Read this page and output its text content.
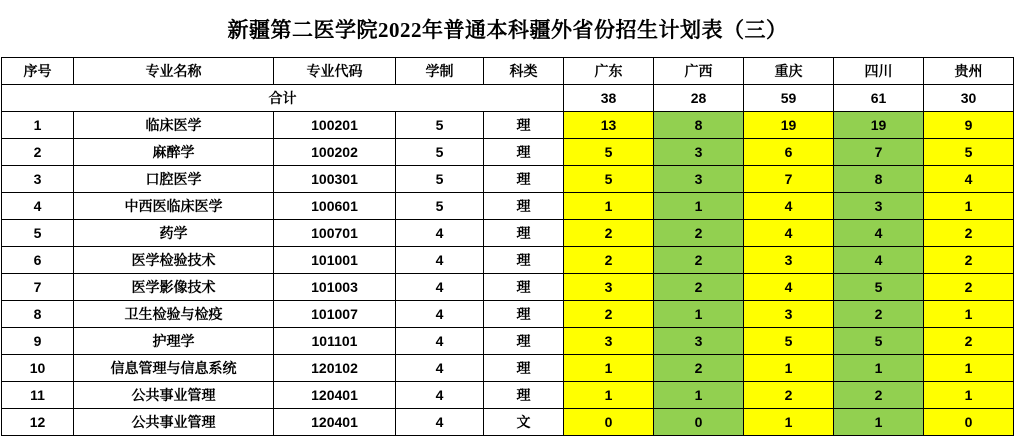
新疆第二医学院2022年普通本科疆外省份招生计划表（三）
序号	专业名称	专业代码	学制	科类	广东	广西	重庆	四川	贵州
合计					38	28	59	61	30
1	临床医学	100201	5	理	13	8	19	19	9
2	麻醉学	100202	5	理	5	3	6	7	5
3	口腔医学	100301	5	理	5	3	7	8	4
4	中西医临床医学	100601	5	理	1	1	4	3	1
5	药学	100701	4	理	2	2	4	4	2
6	医学检验技术	101001	4	理	2	2	3	4	2
7	医学影像技术	101003	4	理	3	2	4	5	2
8	卫生检验与检疫	101007	4	理	2	1	3	2	1
9	护理学	101101	4	理	3	3	5	5	2
10	信息管理与信息系统	120102	4	理	1	2	1	1	1
11	公共事业管理	120401	4	理	1	1	2	2	1
12	公共事业管理	120401	4	文	0	0	1	1	0
